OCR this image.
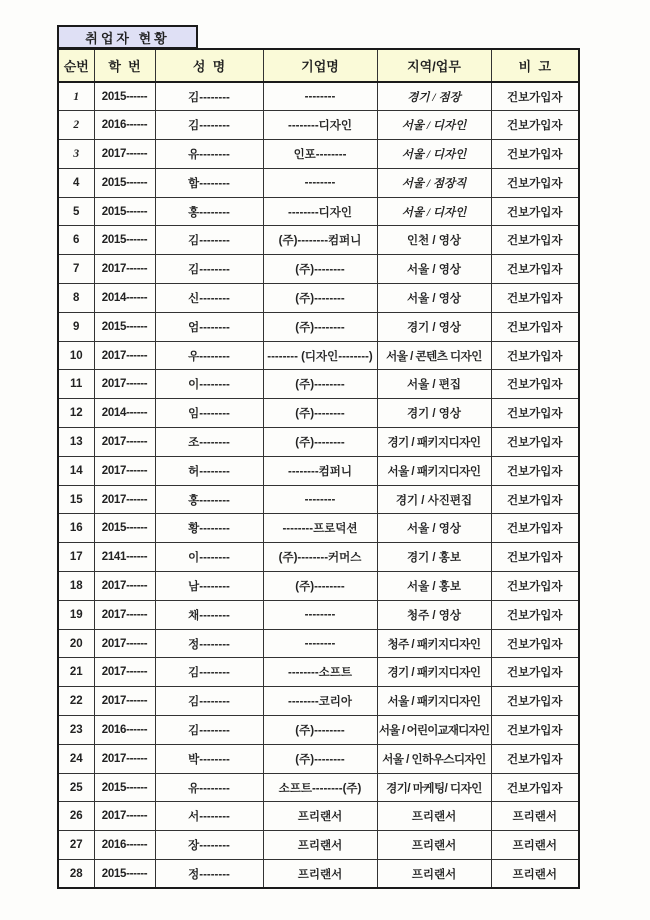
취업자 현황
순번	학  번	성  명	기업명	지역/업무	비  고
1	2015------	김--------	--------	경기 / 점장	건보가입자
2	2016------	김--------	--------디자인	서울 / 디자인	건보가입자
3	2017------	유--------	인포--------	서울 / 디자인	건보가입자
4	2015------	함--------	--------	서울 / 점장직	건보가입자
5	2015------	홍--------	--------디자인	서울 / 디자인	건보가입자
6	2015------	김--------	(주)--------컴퍼니	인천 / 영상	건보가입자
7	2017------	김--------	(주)--------	서울 / 영상	건보가입자
8	2014------	신--------	(주)--------	서울 / 영상	건보가입자
9	2015------	엄--------	(주)--------	경기 / 영상	건보가입자
10	2017------	우--------	-------- (디자인--------)	서울 / 콘텐츠 디자인	건보가입자
11	2017------	이--------	(주)--------	서울 / 편집	건보가입자
12	2014------	임--------	(주)--------	경기 / 영상	건보가입자
13	2017------	조--------	(주)--------	경기 / 패키지디자인	건보가입자
14	2017------	허--------	--------컴퍼니	서울 / 패키지디자인	건보가입자
15	2017------	홍--------	--------	경기 / 사진편집	건보가입자
16	2015------	황--------	--------프로덕션	서울 / 영상	건보가입자
17	2141------	이--------	(주)--------커머스	경기 / 홍보	건보가입자
18	2017------	남--------	(주)--------	서울 / 홍보	건보가입자
19	2017------	채--------	--------	청주 / 영상	건보가입자
20	2017------	정--------	--------	청주 / 패키지디자인	건보가입자
21	2017------	김--------	--------소프트	경기 / 패키지디자인	건보가입자
22	2017------	김--------	--------코리아	서울 / 패키지디자인	건보가입자
23	2016------	김--------	(주)--------	서울 / 어린이교재디자인	건보가입자
24	2017------	박--------	(주)--------	서울 / 인하우스디자인	건보가입자
25	2015------	유--------	소프트--------(주)	경기/ 마케팅/ 디자인	건보가입자
26	2017------	서--------	프리랜서	프리랜서	프리랜서
27	2016------	장--------	프리랜서	프리랜서	프리랜서
28	2015------	정--------	프리랜서	프리랜서	프리랜서
